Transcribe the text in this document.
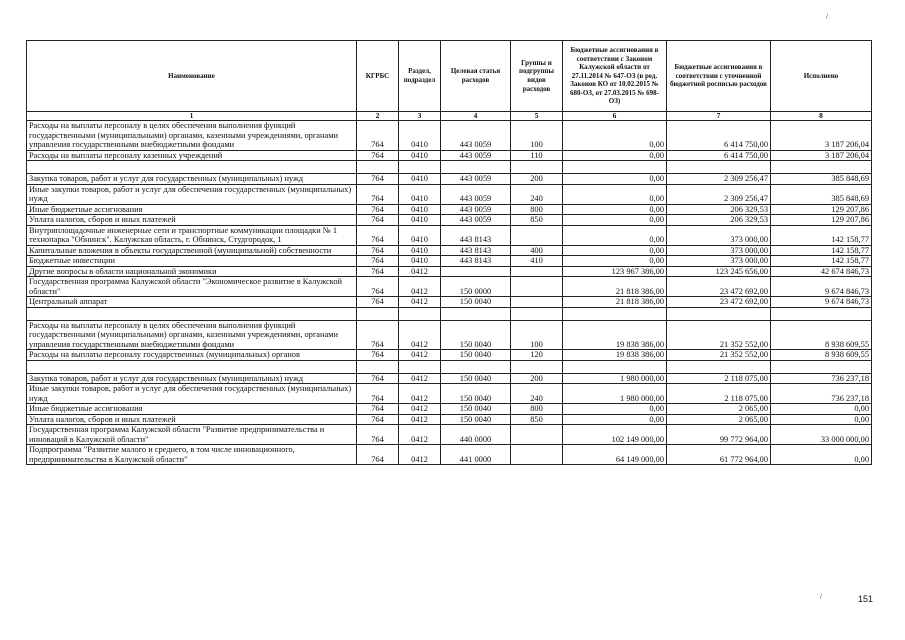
Наименование	КГРБС	Раздел, подраздел	Целевая статья расходов	Группы и подгруппы видов расходов	Бюджетные ассигнования в соответствии с Законом Калужской области от 27.11.2014 № 647-ОЗ (в ред. Законов КО от 10.02.2015 № 680-ОЗ, от 27.03.2015 № 698-ОЗ)	Бюджетные ассигнования в соответствии с уточненной бюджетной росписью расходов	Исполнено
1	2	3	4	5	6	7	8
Расходы на выплаты персоналу в целях обеспечения выполнения функций государственными (муниципальными) органами, казенными учреждениями, органами управления государственными внебюджетными фондами	764	0410	443 0059	100	0,00	6 414 750,00	3 187 206,04
Расходы на выплаты персоналу казенных учреждений	764	0410	443 0059	110	0,00	6 414 750,00	3 187 206,04

Закупка товаров, работ и услуг для государственных (муниципальных) нужд	764	0410	443 0059	200	0,00	2 309 256,47	385 848,69
Иные закупки товаров, работ и услуг для обеспечения государственных (муниципальных) нужд	764	0410	443 0059	240	0,00	2 309 256,47	385 848,69
Иные бюджетные ассигнования	764	0410	443 0059	800	0,00	206 329,53	129 207,86
Уплата налогов, сборов и иных платежей	764	0410	443 0059	850	0,00	206 329,53	129 207,86
Внутриплощадочные инженерные сети и транспортные коммуникации площадки № 1 технопарка "Обнинск". Калужская область, г. Обнинск, Студгородок, 1	764	0410	443 8143		0,00	373 000,00	142 158,77
Капитальные вложения в объекты государственной (муниципальной) собственности	764	0410	443 8143	400	0,00	373 000,00	142 158,77
Бюджетные инвестиции	764	0410	443 8143	410	0,00	373 000,00	142 158,77
Другие вопросы в области национальной экономики	764	0412			123 967 386,00	123 245 656,00	42 674 846,73
Государственная программа Калужской области "Экономическое развитие в Калужской области"	764	0412	150 0000		21 818 386,00	23 472 692,00	9 674 846,73
Центральный аппарат	764	0412	150 0040		21 818 386,00	23 472 692,00	9 674 846,73

Расходы на выплаты персоналу в целях обеспечения выполнения функций государственными (муниципальными) органами, казенными учреждениями, органами управления государственными внебюджетными фондами	764	0412	150 0040	100	19 838 386,00	21 352 552,00	8 938 609,55
Расходы на выплаты персоналу государственных (муниципальных) органов	764	0412	150 0040	120	19 838 386,00	21 352 552,00	8 938 609,55

Закупка товаров, работ и услуг для государственных (муниципальных) нужд	764	0412	150 0040	200	1 980 000,00	2 118 075,00	736 237,18
Иные закупки товаров, работ и услуг для обеспечения государственных (муниципальных) нужд	764	0412	150 0040	240	1 980 000,00	2 118 075,00	736 237,18
Иные бюджетные ассигнования	764	0412	150 0040	800	0,00	2 065,00	0,00
Уплата налогов, сборов и иных платежей	764	0412	150 0040	850	0,00	2 065,00	0,00
Государственная программа Калужской области "Развитие предпринимательства и инноваций в Калужской области"	764	0412	440 0000		102 149 000,00	99 772 964,00	33 000 000,00
Подпрограмма "Развитие малого и среднего, в том числе инновационного, предпринимательства в Калужской области"	764	0412	441 0000		64 149 000,00	61 772 964,00	0,00
151
/
/
